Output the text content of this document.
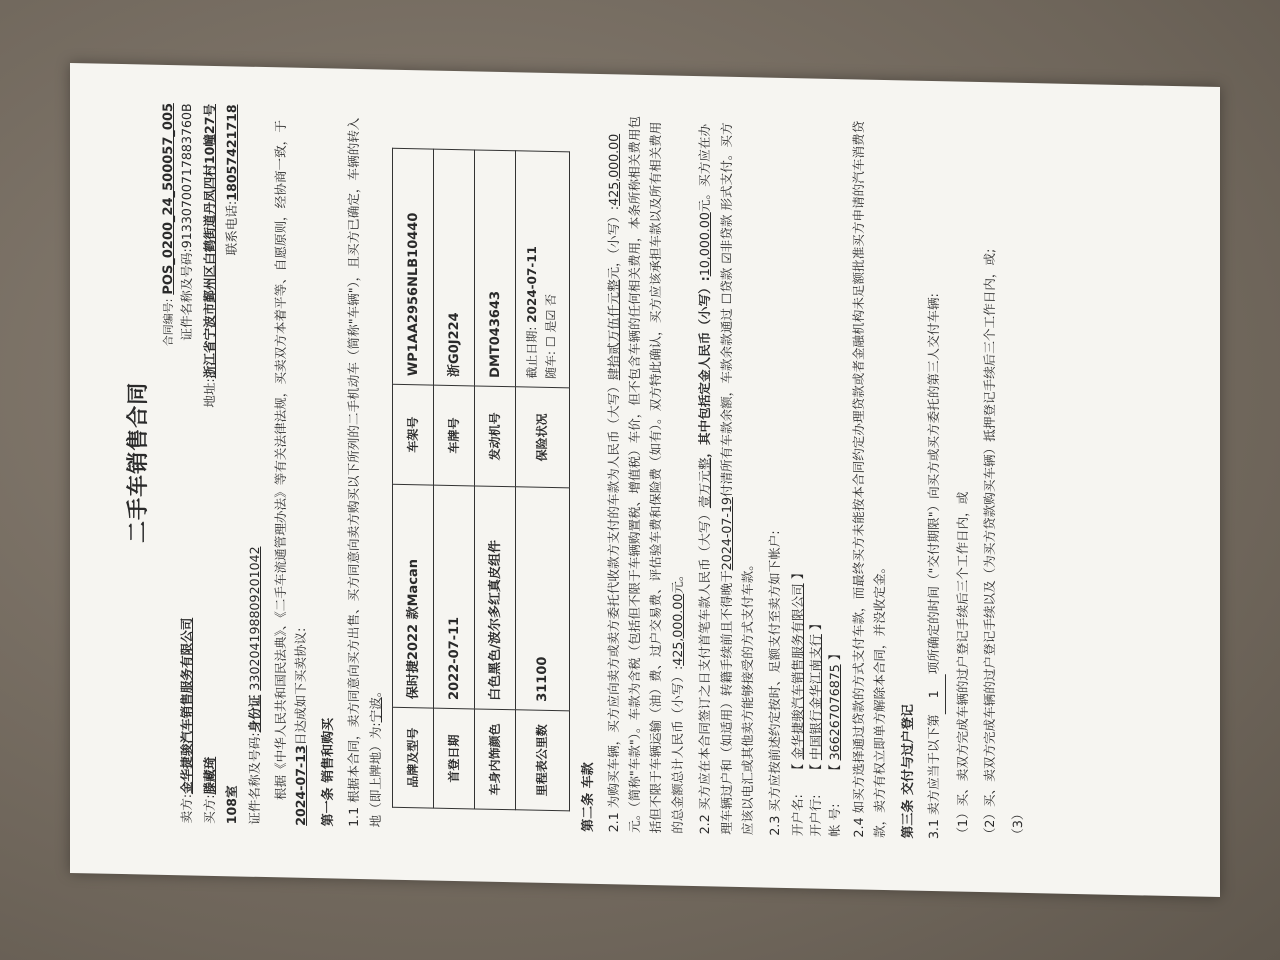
二手车销售合同
合同编号:POS_0200_24_500057_005
卖方:金华捷骏汽车销售服务有限公司
证件名称及号码:91330700717883760B
买方:滕藏琦
地址:浙江省宁波市鄞州区白鹤街道丹凤四村10幢27号
108室
联系电话:18057421718
证件名称及号码:身份证 330204198809201042 根据《中华人民共和国民法典》、《二手车流通管理办法》等有关法律法规，买卖双方本着平等、自愿原则，经协商一致，于 2024-07-13日达成如下买卖协议:
第一条 销售和购买 1.1 根据本合同，卖方同意向买方出售、买方同意向卖方购买以下所列的二手机动车（简称"车辆"），且买方已确定，车辆的转入地（即上牌地）为:宁波。
品牌及型号	保时捷2022 款Macan	车架号	WP1AA2956NLB10440
首登日期	2022-07-11	车牌号	浙G0J224
车身内饰颜色	白色黑色/波尔多红真皮组件	发动机号	DMT043643
里程表公里数	31100	保险状况	截止日期: 2024-07-11
随车: ☐ 是☑ 否
第二条 车款 2.1 为购买车辆，买方应向卖方或卖方委托代收款方支付的车款为人民币（大写）肆拾贰万伍仟元整元，（小写）:425,000.00 元。（简称"车款"）。车款为含税（包括但不限于车辆购置税、增值税）车价，但不包含车辆的任何相关费用，本条所称相关费用包括但不限于车辆运输（油）费、过户交易费、评估验车费和保险费（如有）。双方特此确认，买方应该承担车款以及所有相关费用的总金额总计人民币（小写）:425,000.00元。 2.2 买方应在本合同签订之日支付首笔车款人民币（大写）壹万元整，其中包括定金人民币（小写）:10,000.00元。买方应在办理车辆过户和（如适用）转籍手续前且不得晚于2024-07-19付清所有车款余额，车款余款通过 ☐贷款 ☑非贷款 形式支付。买方应该以电汇或其他卖方能够接受的方式支付车款。 2.3 买方应按前述约定按时、足额支付至卖方如下帐户: 开户名:【 金华捷骏汽车销售服务有限公司 】
开户行:【 中国银行金华江南支行 】
帐 号:【 366267076875 】 2.4 如买方选择通过贷款的方式支付车款，而最终买方未能按本合同约定办理贷款或者金融机构未足额批准买方申请的汽车消费贷款，卖方有权立即单方解除本合同，并没收定金。 第三条 交付与过户登记 3.1 卖方应当于以下第1项所确定的时间（"交付期限"）向买方或买方委托的第三人交付车辆:	（1）买、卖双方完成车辆的过户登记手续后三个工作日内，或 （2）买、卖双方完成车辆的过户登记手续以及（为买方贷款购买车辆）抵押登记手续后三个工作日内，或; （3）
